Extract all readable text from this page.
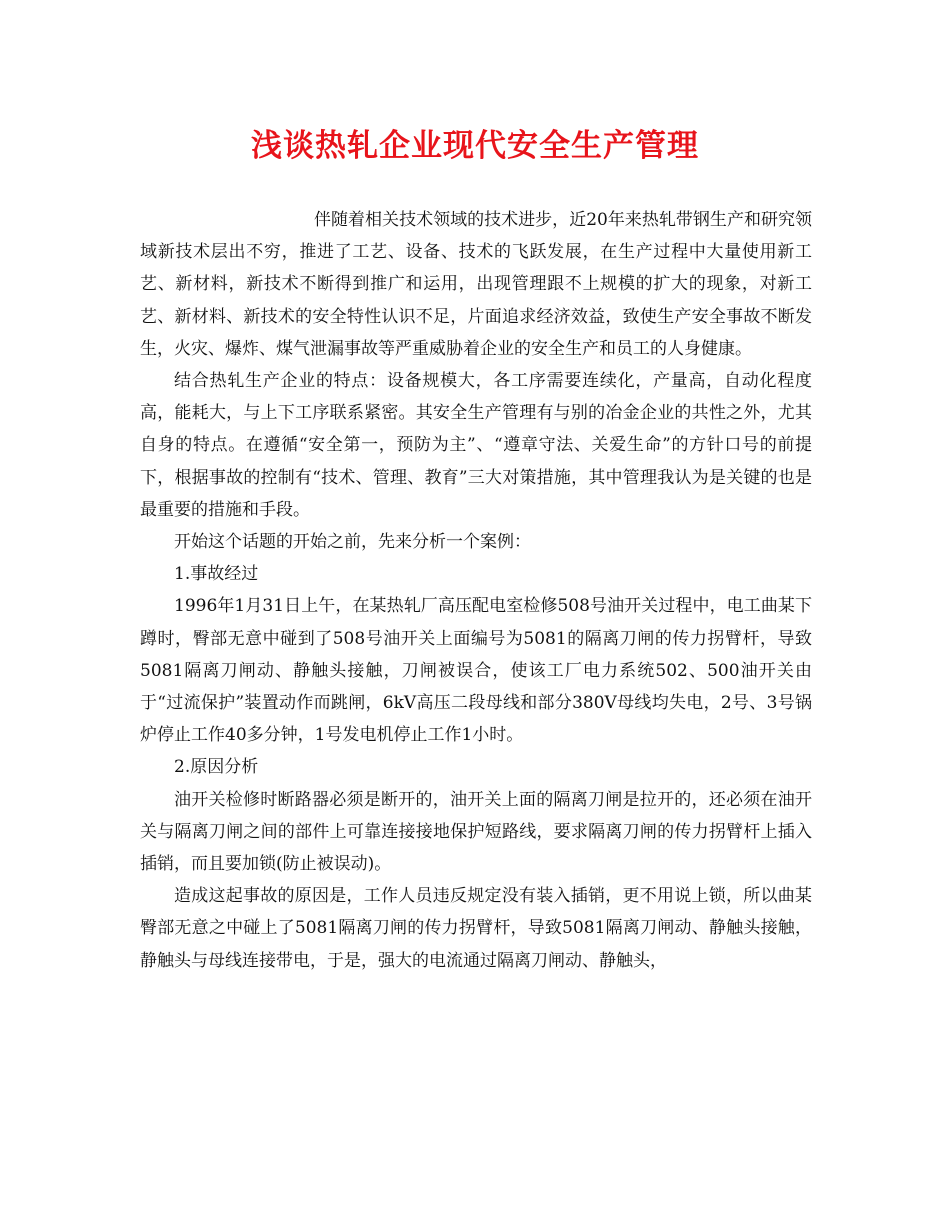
浅谈热轧企业现代安全生产管理

伴随着相关技术领域的技术进步，近20年来热轧带钢生产和研究领域新技术层出不穷，推进了工艺、设备、技术的飞跃发展，在生产过程中大量使用新工艺、新材料，新技术不断得到推广和运用，出现管理跟不上规模的扩大的现象，对新工艺、新材料、新技术的安全特性认识不足，片面追求经济效益，致使生产安全事故不断发生，火灾、爆炸、煤气泄漏事故等严重威胁着企业的安全生产和员工的人身健康。

结合热轧生产企业的特点：设备规模大，各工序需要连续化，产量高，自动化程度高，能耗大，与上下工序联系紧密。其安全生产管理有与别的冶金企业的共性之外，尤其自身的特点。在遵循“安全第一，预防为主”、“遵章守法、关爱生命”的方针口号的前提下，根据事故的控制有“技术、管理、教育”三大对策措施，其中管理我认为是关键的也是最重要的措施和手段。

开始这个话题的开始之前，先来分析一个案例：

1.事故经过

1996年1月31日上午，在某热轧厂高压配电室检修508号油开关过程中，电工曲某下蹲时，臀部无意中碰到了508号油开关上面编号为5081的隔离刀闸的传力拐臂杆，导致5081隔离刀闸动、静触头接触，刀闸被误合，使该工厂电力系统502、500油开关由于“过流保护”装置动作而跳闸，6kV高压二段母线和部分380V母线均失电，2号、3号锅炉停止工作40多分钟，1号发电机停止工作1小时。

2.原因分析

油开关检修时断路器必须是断开的，油开关上面的隔离刀闸是拉开的，还必须在油开关与隔离刀闸之间的部件上可靠连接接地保护短路线，要求隔离刀闸的传力拐臂杆上插入插销，而且要加锁(防止被误动)。

造成这起事故的原因是，工作人员违反规定没有装入插销，更不用说上锁，所以曲某臀部无意之中碰上了5081隔离刀闸的传力拐臂杆，导致5081隔离刀闸动、静触头接触，静触头与母线连接带电，于是，强大的电流通过隔离刀闸动、静触头，
